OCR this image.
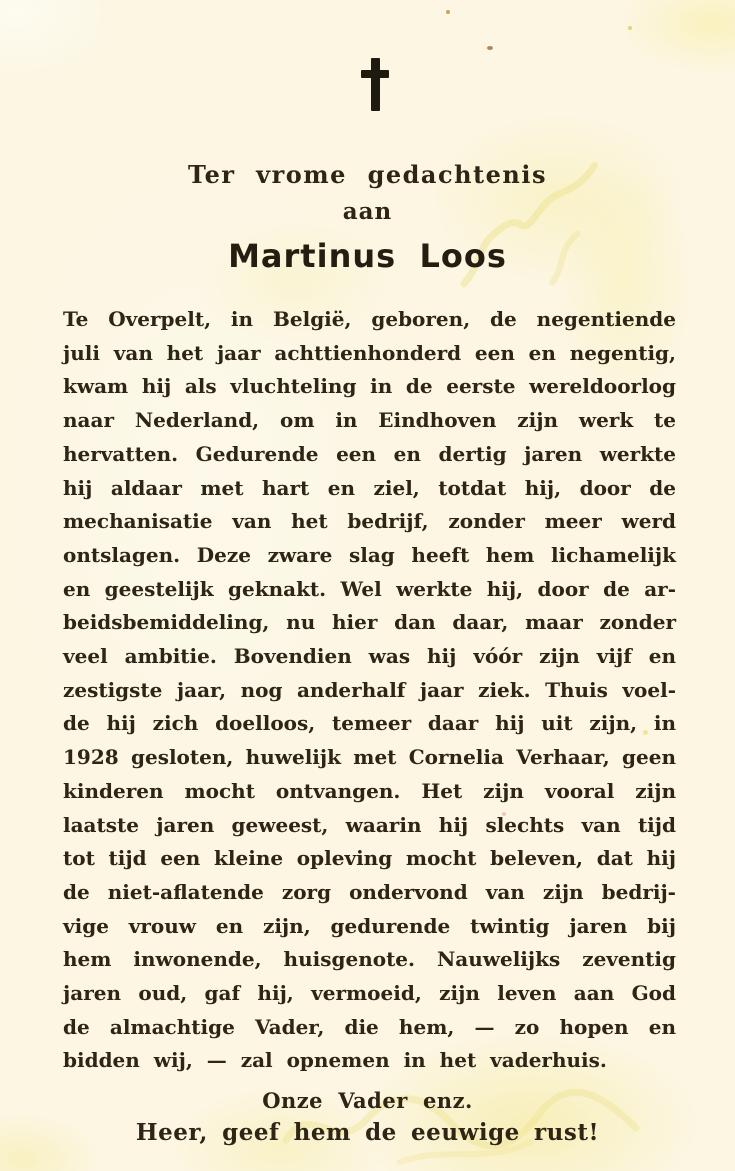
Ter vrome gedachtenis
aan
Martinus Loos
Te Overpelt, in België, geboren, de negentiende
juli van het jaar achttienhonderd een en negentig,
kwam hij als vluchteling in de eerste wereldoorlog
naar Nederland, om in Eindhoven zijn werk te
hervatten. Gedurende een en dertig jaren werkte
hij aldaar met hart en ziel, totdat hij, door de
mechanisatie van het bedrijf, zonder meer werd
ontslagen. Deze zware slag heeft hem lichamelijk
en geestelijk geknakt. Wel werkte hij, door de ar-
beidsbemiddeling, nu hier dan daar, maar zonder
veel ambitie. Bovendien was hij vóór zijn vijf en
zestigste jaar, nog anderhalf jaar ziek. Thuis voel-
de hij zich doelloos, temeer daar hij uit zijn, in
1928 gesloten, huwelijk met Cornelia Verhaar, geen
kinderen mocht ontvangen. Het zijn vooral zijn
laatste jaren geweest, waarin hij slechts van tijd
tot tijd een kleine opleving mocht beleven, dat hij
de niet-aflatende zorg ondervond van zijn bedrij-
vige vrouw en zijn, gedurende twintig jaren bij
hem inwonende, huisgenote. Nauwelijks zeventig
jaren oud, gaf hij, vermoeid, zijn leven aan God
de almachtige Vader, die hem, — zo hopen en
bidden wij, — zal opnemen in het vaderhuis.
Onze Vader enz.
Heer, geef hem de eeuwige rust!
